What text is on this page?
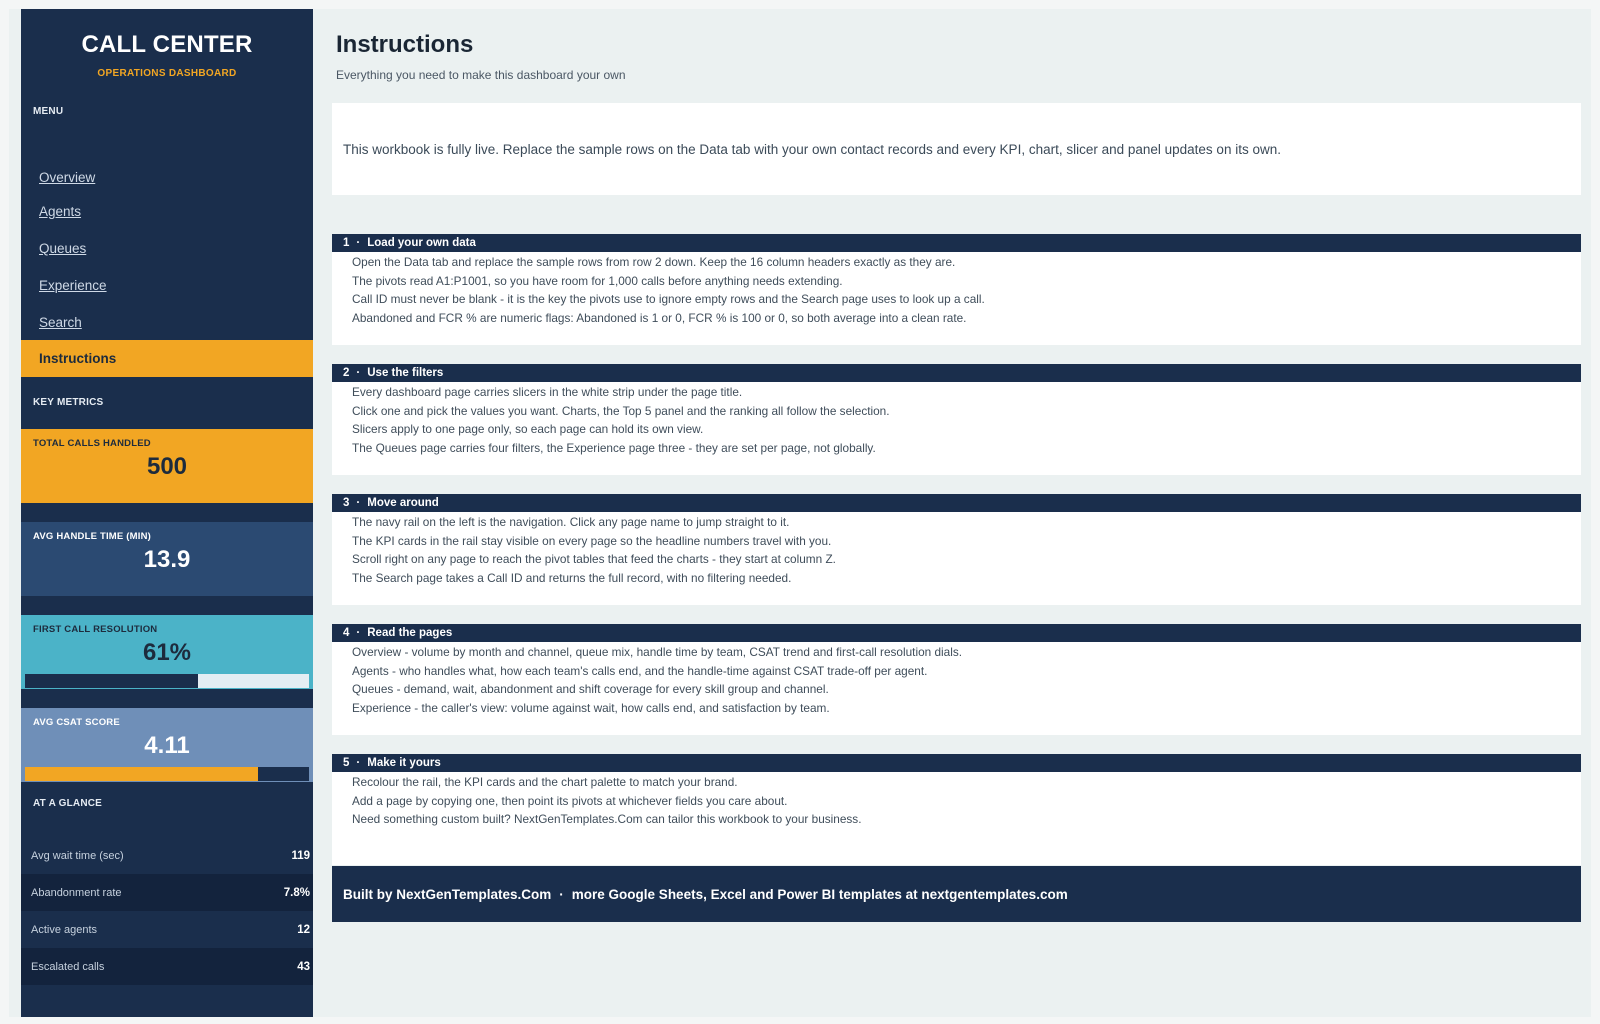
CALL CENTER
OPERATIONS DASHBOARD
MENU
Overview
Agents
Queues
Experience
Search
Instructions
KEY METRICS
TOTAL CALLS HANDLED
500
AVG HANDLE TIME (MIN)
13.9
FIRST CALL RESOLUTION
61%
AVG CSAT SCORE
4.11
AT A GLANCE
Avg wait time (sec)	119
Abandonment rate	7.8%
Active agents	12
Escalated calls	43
Instructions
Everything you need to make this dashboard your own
This workbook is fully live. Replace the sample rows on the Data tab with your own contact records and every KPI, chart, slicer and panel updates on its own.
1 · Load your own data
Open the Data tab and replace the sample rows from row 2 down. Keep the 16 column headers exactly as they are.
The pivots read A1:P1001, so you have room for 1,000 calls before anything needs extending.
Call ID must never be blank - it is the key the pivots use to ignore empty rows and the Search page uses to look up a call.
Abandoned and FCR % are numeric flags: Abandoned is 1 or 0, FCR % is 100 or 0, so both average into a clean rate.
2 · Use the filters
Every dashboard page carries slicers in the white strip under the page title.
Click one and pick the values you want. Charts, the Top 5 panel and the ranking all follow the selection.
Slicers apply to one page only, so each page can hold its own view.
The Queues page carries four filters, the Experience page three - they are set per page, not globally.
3 · Move around
The navy rail on the left is the navigation. Click any page name to jump straight to it.
The KPI cards in the rail stay visible on every page so the headline numbers travel with you.
Scroll right on any page to reach the pivot tables that feed the charts - they start at column Z.
The Search page takes a Call ID and returns the full record, with no filtering needed.
4 · Read the pages
Overview - volume by month and channel, queue mix, handle time by team, CSAT trend and first-call resolution dials.
Agents - who handles what, how each team's calls end, and the handle-time against CSAT trade-off per agent.
Queues - demand, wait, abandonment and shift coverage for every skill group and channel.
Experience - the caller's view: volume against wait, how calls end, and satisfaction by team.
5 · Make it yours
Recolour the rail, the KPI cards and the chart palette to match your brand.
Add a page by copying one, then point its pivots at whichever fields you care about.
Need something custom built? NextGenTemplates.Com can tailor this workbook to your business.
Built by NextGenTemplates.Com · more Google Sheets, Excel and Power BI templates at nextgentemplates.com
